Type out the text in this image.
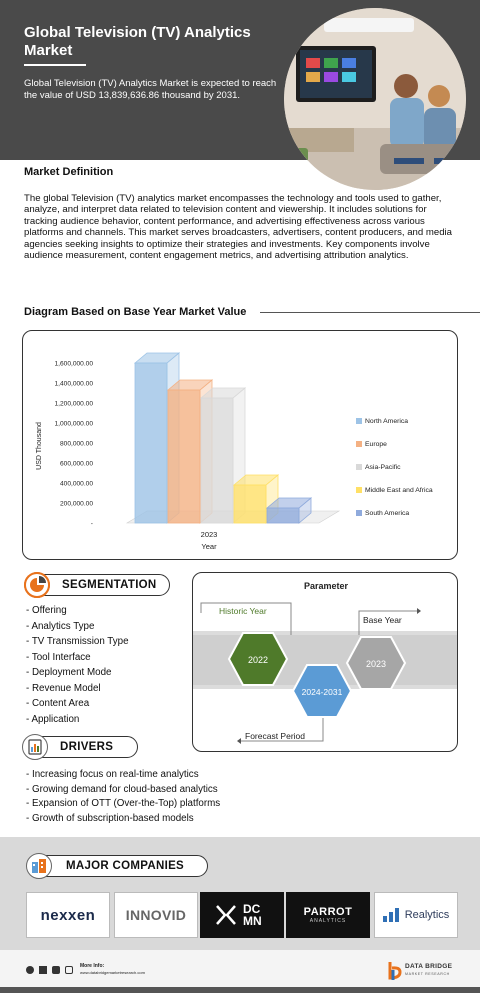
Global Television (TV) Analytics Market
Global Television (TV) Analytics Market is expected to reach the value of USD 13,839,636.86 thousand by 2031.
Market Definition
The global Television (TV) analytics market encompasses the technology and tools used to gather, analyze, and interpret data related to television content and viewership. It includes solutions for tracking audience behavior, content performance, and advertising effectiveness across various platforms and channels. This market serves broadcasters, advertisers, content producers, and media agencies seeking insights to optimize their strategies and investments. Key components involve audience measurement, content engagement metrics, and advertising attribution analytics.
Diagram Based on Base Year Market Value
-
200,000.00
400,000.00
600,000.00
800,000.00
1,000,000.00
1,200,000.00
1,400,000.00
1,600,000.00
North America
Europe
Asia-Pacific
Middle East and Africa
South America
USD Thousand
2023
Year
SEGMENTATION
- Offering
- Analytics Type
- TV Transmission Type
- Tool Interface
- Deployment Mode
- Revenue Model
- Content Area
- Application
Parameter
Historic Year
Base Year
Forecast Period
2022
2024-2031
2023
DRIVERS
- Increasing focus on real-time analytics
- Growing demand for cloud-based analytics
- Expansion of OTT (Over-the-Top) platforms
- Growth of subscription-based models
MAJOR COMPANIES
nexxen INNOVID	DCMN
PARROT
ANALYTICS	Realytics
More Info:
www.databridgemarketresearch.com
DATA BRIDGE
MARKET RESEARCH
